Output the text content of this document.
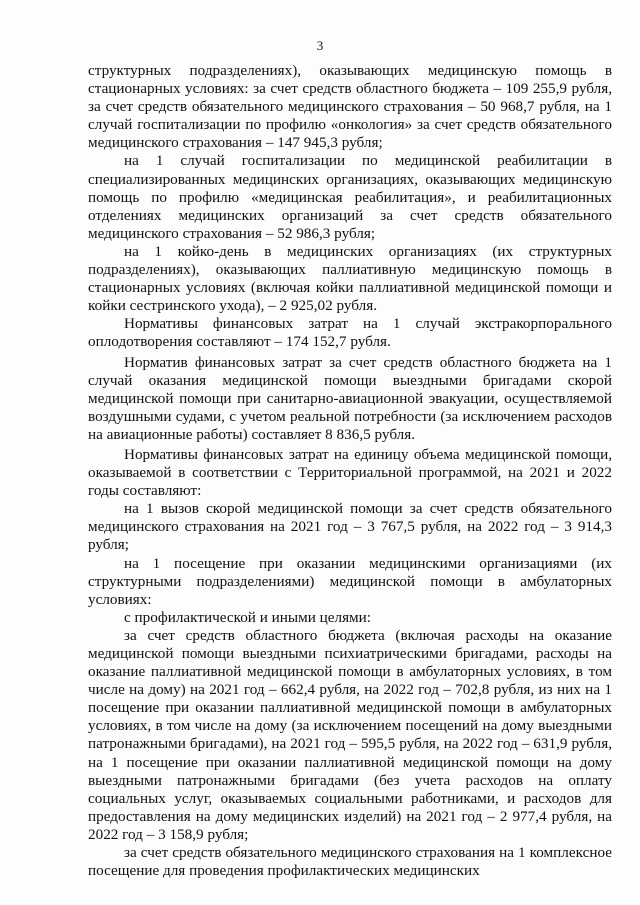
3

структурных подразделениях), оказывающих медицинскую помощь в стационарных условиях: за счет средств областного бюджета – 109 255,9 рубля, за счет средств обязательного медицинского страхования – 50 968,7 рубля, на 1 случай госпитализации по профилю «онкология» за счет средств обязательного медицинского страхования – 147 945,3 рубля;

на 1 случай госпитализации по медицинской реабилитации в специализированных медицинских организациях, оказывающих медицинскую помощь по профилю «медицинская реабилитация», и реабилитационных отделениях медицинских организаций за счет средств обязательного медицинского страхования – 52 986,3 рубля;

на 1 койко-день в медицинских организациях (их структурных подразделениях), оказывающих паллиативную медицинскую помощь в стационарных условиях (включая койки паллиативной медицинской помощи и койки сестринского ухода), – 2 925,02 рубля.

Нормативы финансовых затрат на 1 случай экстракорпорального оплодотворения составляют – 174 152,7 рубля.

Норматив финансовых затрат за счет средств областного бюджета на 1 случай оказания медицинской помощи выездными бригадами скорой медицинской помощи при санитарно-авиационной эвакуации, осуществляемой воздушными судами, с учетом реальной потребности (за исключением расходов на авиационные работы) составляет 8 836,5 рубля.

Нормативы финансовых затрат на единицу объема медицинской помощи, оказываемой в соответствии с Территориальной программой, на 2021 и 2022 годы составляют:

на 1 вызов скорой медицинской помощи за счет средств обязательного медицинского страхования на 2021 год – 3 767,5 рубля, на 2022 год – 3 914,3 рубля;

на 1 посещение при оказании медицинскими организациями (их структурными подразделениями) медицинской помощи в амбулаторных условиях:

с профилактической и иными целями:

за счет средств областного бюджета (включая расходы на оказание медицинской помощи выездными психиатрическими бригадами, расходы на оказание паллиативной медицинской помощи в амбулаторных условиях, в том числе на дому) на 2021 год – 662,4 рубля, на 2022 год – 702,8 рубля, из них на 1 посещение при оказании паллиативной медицинской помощи в амбулаторных условиях, в том числе на дому (за исключением посещений на дому выездными патронажными бригадами), на 2021 год – 595,5 рубля, на 2022 год – 631,9 рубля, на 1 посещение при оказании паллиативной медицинской помощи на дому выездными патронажными бригадами (без учета расходов на оплату социальных услуг, оказываемых социальными работниками, и расходов для предоставления на дому медицинских изделий) на 2021 год – 2 977,4 рубля, на 2022 год – 3 158,9 рубля;

за счет средств обязательного медицинского страхования на 1 комплексное посещение для проведения профилактических медицинских
